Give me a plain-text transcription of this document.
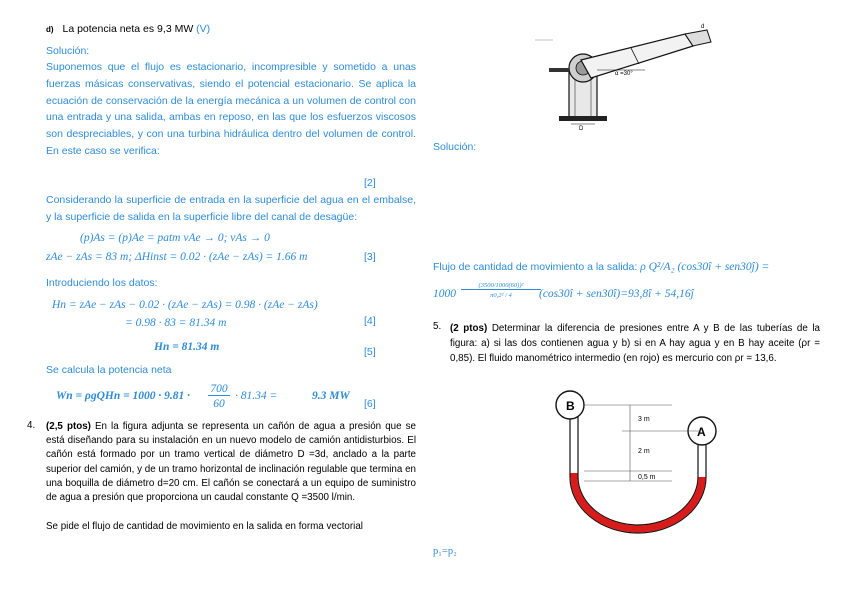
d) La potencia neta es 9,3 MW (V)
Solución:
Suponemos que el flujo es estacionario, incompresible y sometido a unas fuerzas másicas conservativas, siendo el potencial estacionario. Se aplica la ecuación de conservación de la energía mecánica a un volumen de control con una entrada y una salida, ambas en reposo, en las que los esfuerzos viscosos son despreciables, y con una turbina hidráulica dentro del volumen de control. En este caso se verifica:
[2]
Considerando la superficie de entrada en la superficie del agua en el embalse, y la superficie de salida en la superficie libre del canal de desagüe:
(p)As = (p)Ae = patm vAe → 0; vAs → 0
zAe − zAs = 83 m; ΔHinst = 0.02 · (zAe − zAs) = 1.66 m	[3]
Introduciendo los datos:
Hn = zAe − zAs − 0.02 · (zAe − zAs) = 0.98 · (zAe − zAs)
= 0.98 · 83 = 81.34 m	[4]
Hn = 81.34 m	[5]
Se calcula la potencia neta
Wn = ρgQHn = 1000 · 9.81 ·
700
60
· 81.34 =	9.3 MW
[6]
4. (2,5 ptos) En la figura adjunta se representa un cañón de agua a presión que se está diseñando para su instalación en un nuevo modelo de camión antidisturbios. El cañón está formado por un tramo vertical de diámetro D =3d, anclado a la parte superior del camión, y de un tramo horizontal de inclinación regulable que termina en una boquilla de diámetro d=20 cm. El cañón se conectará a un equipo de suministro de agua a presión que proporciona un caudal constante Q =3500 l/min.
Se pide el flujo de cantidad de movimiento en la salida en forma vectorial
D
d
α =30°
Solución:
Flujo de cantidad de movimiento a la salida: ρ Q²/A₂ (cos30î + sen30ĵ) =
1000
(3500/1000(60))²
π0,2² / 4	(cos30î + sen30î)=93,8î + 54,16ĵ
5. (2 ptos) Determinar la diferencia de presiones entre A y B de las tuberías de la figura: a) si las dos contienen agua y b) si en A hay agua y en B hay aceite (ρr = 0,85). El fluido manométrico intermedio (en rojo) es mercurio con ρr = 13,6.
B
A
3 m
2 m
0,5 m
p₁=p₂
